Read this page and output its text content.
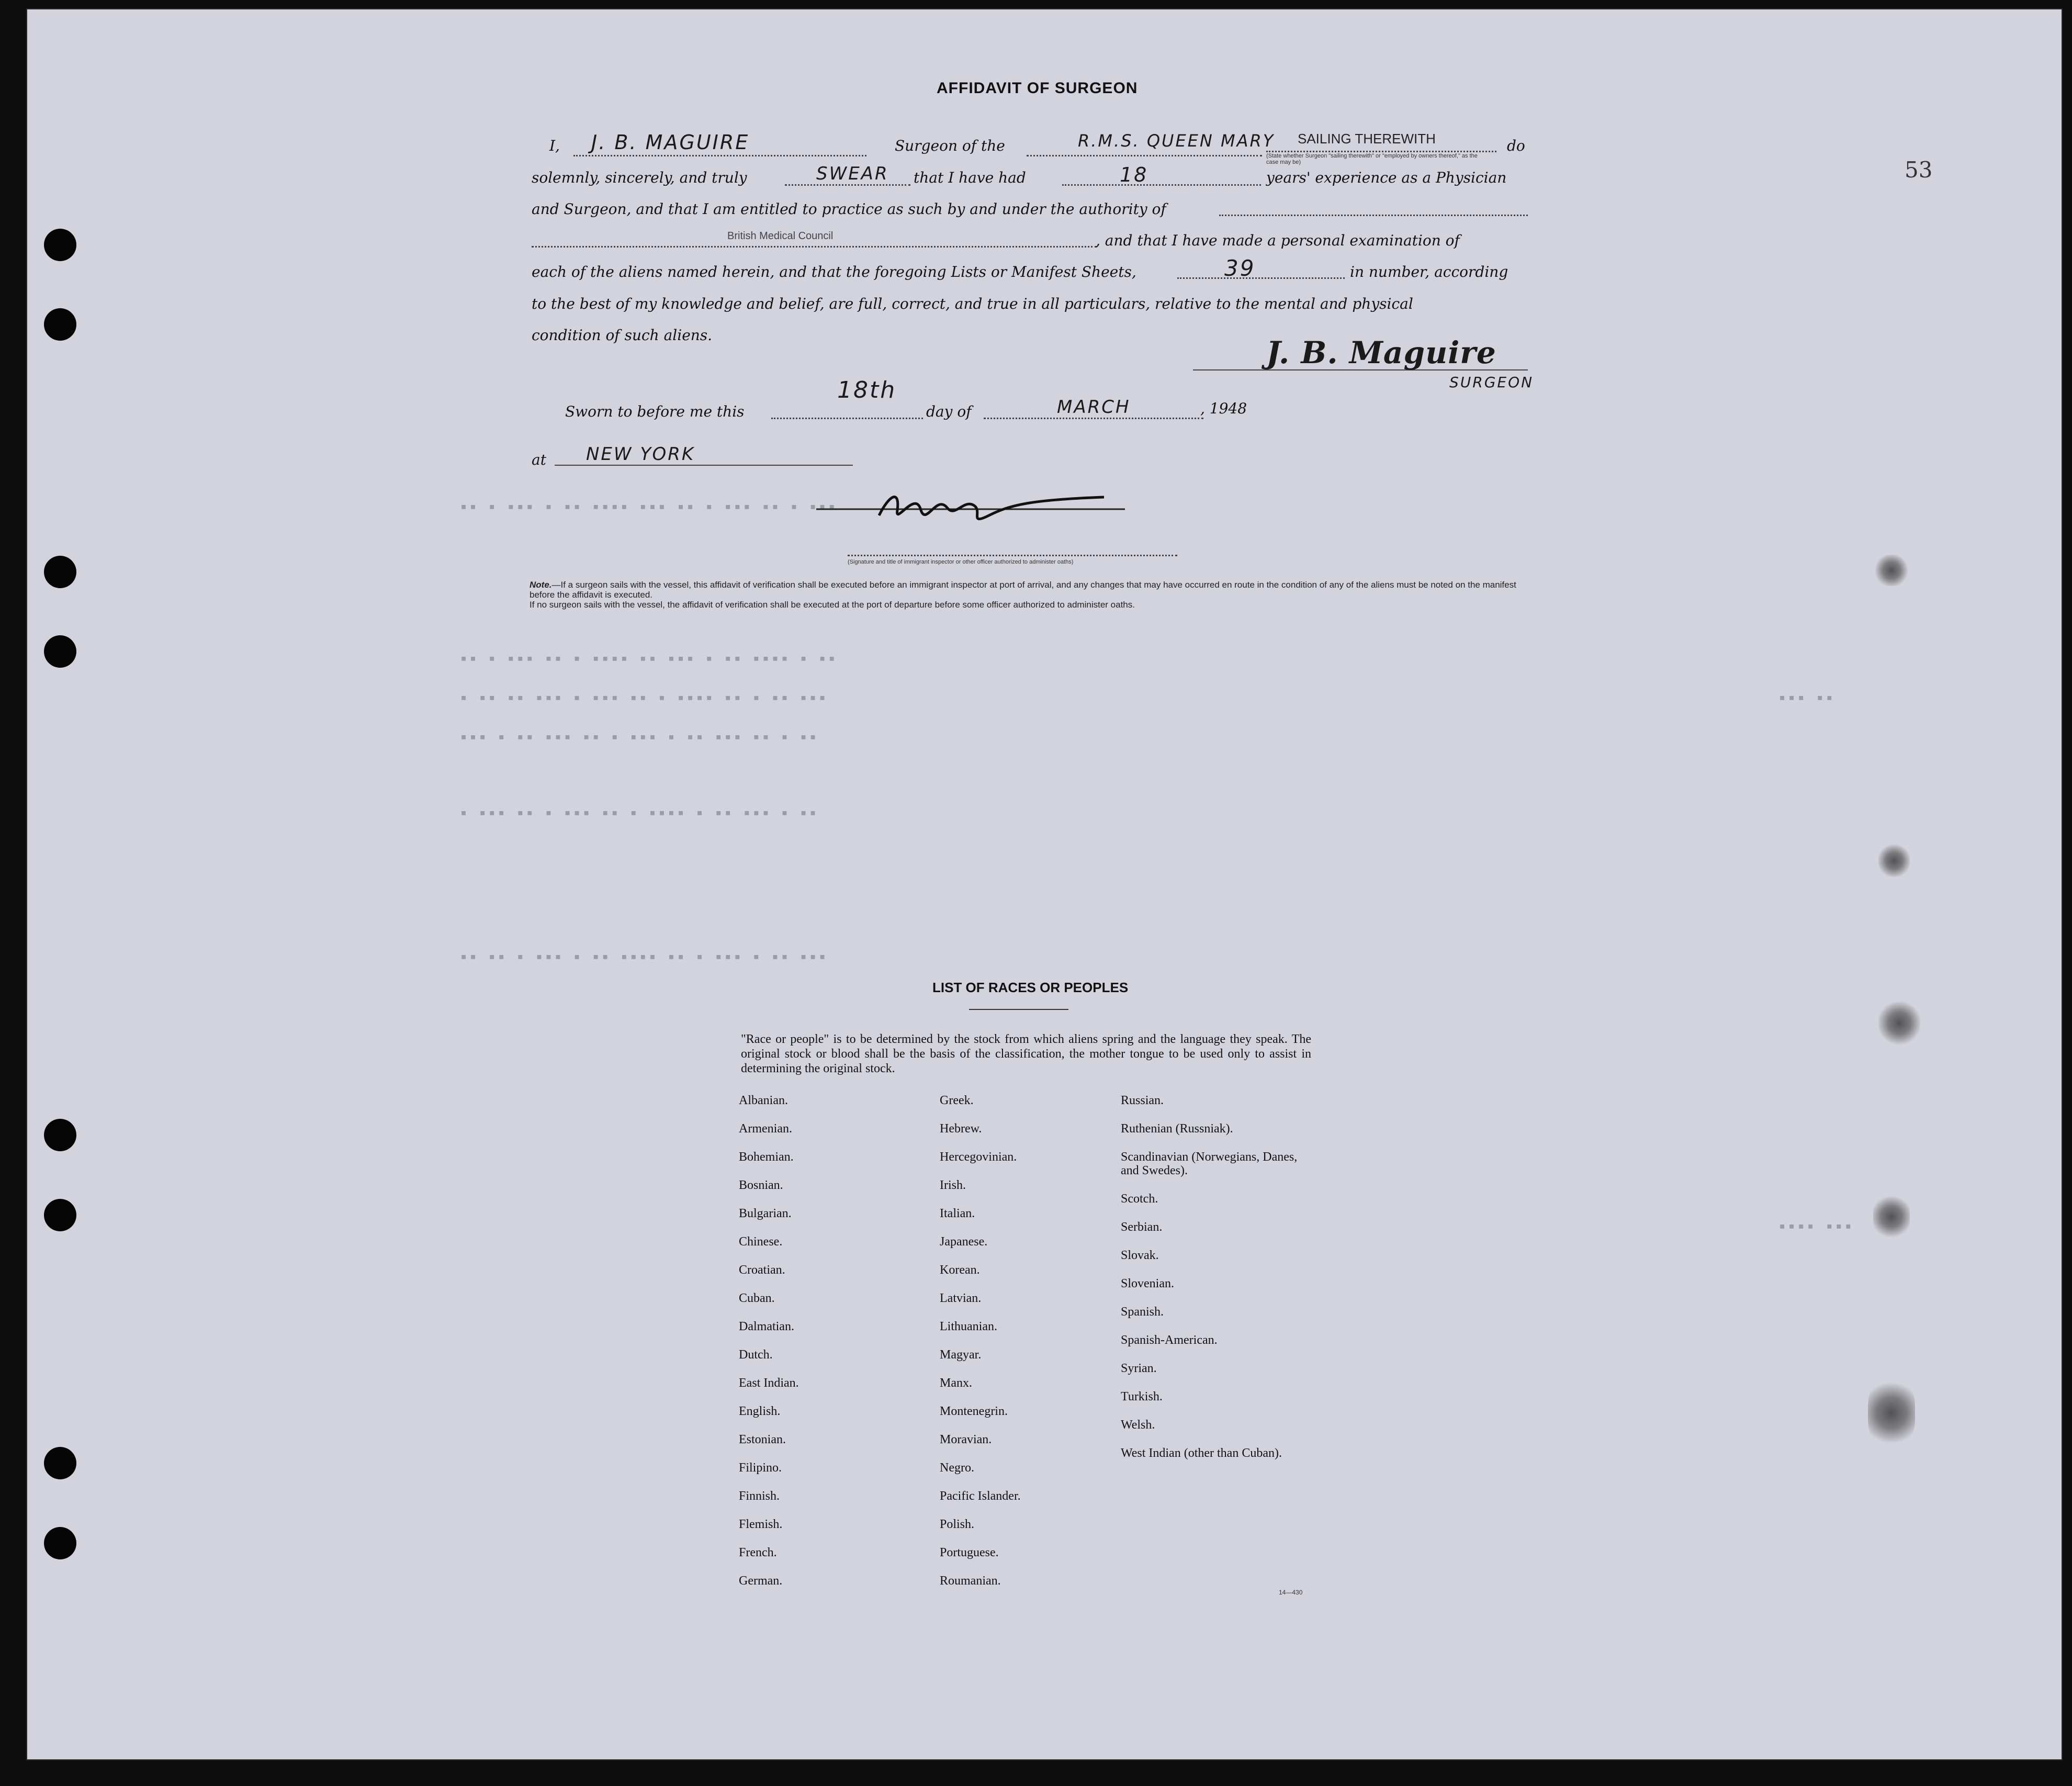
▪▪ ▪ ▪▪▪ ▪ ▪▪ ▪▪▪▪ ▪▪▪ ▪▪ ▪ ▪▪▪ ▪▪ ▪ ▪▪▪
▪▪ ▪ ▪▪▪ ▪▪ ▪ ▪▪▪▪ ▪▪ ▪▪▪ ▪ ▪▪ ▪▪▪▪ ▪ ▪▪
▪ ▪▪ ▪▪ ▪▪▪ ▪ ▪▪▪ ▪▪ ▪ ▪▪▪▪ ▪▪ ▪ ▪▪ ▪▪▪
▪▪▪ ▪ ▪▪ ▪▪▪ ▪▪ ▪ ▪▪▪ ▪ ▪▪ ▪▪▪ ▪▪ ▪ ▪▪
▪ ▪▪▪ ▪▪ ▪ ▪▪▪ ▪▪ ▪ ▪▪▪▪ ▪ ▪▪ ▪▪▪ ▪ ▪▪
▪▪ ▪▪ ▪ ▪▪▪ ▪ ▪▪ ▪▪▪▪ ▪▪ ▪ ▪▪▪ ▪ ▪▪ ▪▪▪
▪▪▪ ▪▪
▪▪▪▪ ▪▪▪
53
AFFIDAVIT OF SURGEON
I, J. B. MAGUIRE	Surgeon of the	R.M.S. QUEEN MARY SAILING THEREWITH
(State whether Surgeon "sailing therewith" or "employed by owners thereof," as the case may be)
do
solemnly, sincerely, and truly	SWEAR that I have had	18	years' experience as a Physician
and Surgeon, and that I am entitled to practice as such by and under the authority of
British Medical Council	, and that I have made a personal examination of
each of the aliens named herein, and that the foregoing Lists or Manifest Sheets,	39	in number, according
to the best of my knowledge and belief, are full, correct, and true in all particulars, relative to the mental and physical
condition of such aliens.	J. B. Maguire
SURGEON
Sworn to before me this
18th
day of	MARCH	, 1948
at NEW YORK
(Signature and title of immigrant inspector or other officer authorized to administer oaths)
Note.—If a surgeon sails with the vessel, this affidavit of verification shall be executed before an immigrant inspector at port of arrival, and any changes that may have occurred en route in the condition of any of the aliens must be noted on the manifest before the affidavit is executed.
If no surgeon sails with the vessel, the affidavit of verification shall be executed at the port of departure before some officer authorized to administer oaths.
LIST OF RACES OR PEOPLES
"Race or people" is to be determined by the stock from which aliens spring and the language they speak. The original stock or blood shall be the basis of the classification, the mother tongue to be used only to assist in determining the original stock.
Albanian.
Armenian.
Bohemian.
Bosnian.
Bulgarian.
Chinese.
Croatian.
Cuban.
Dalmatian.
Dutch.
East Indian.
English.
Estonian.
Filipino.
Finnish.
Flemish.
French.
German.
Greek.
Hebrew.
Hercegovinian.
Irish.
Italian.
Japanese.
Korean.
Latvian.
Lithuanian.
Magyar.
Manx.
Montenegrin.
Moravian.
Negro.
Pacific Islander.
Polish.
Portuguese.
Roumanian.
Russian.
Ruthenian (Russniak).
Scandinavian (Norwegians, Danes, and Swedes).
Scotch.
Serbian.
Slovak.
Slovenian.
Spanish.
Spanish-American.
Syrian.
Turkish.
Welsh.
West Indian (other than Cuban).
14—430
